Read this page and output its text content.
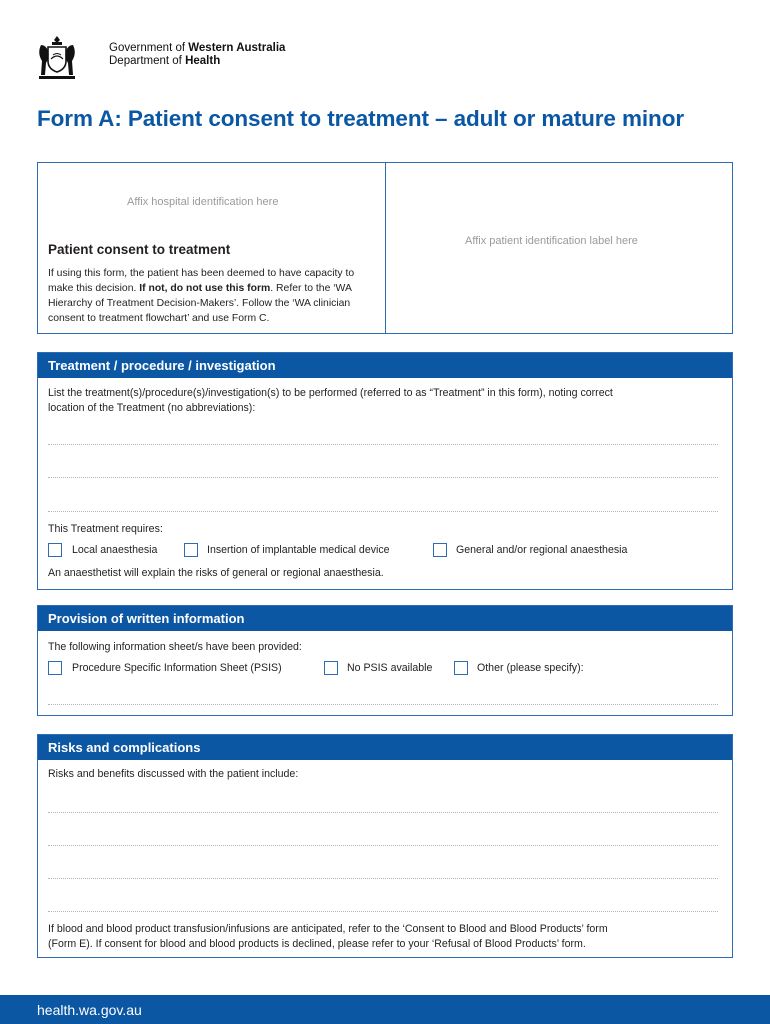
Government of Western Australia
Department of Health
Form A: Patient consent to treatment – adult or mature minor
Affix hospital identification here
Affix patient identification label here
Patient consent to treatment
If using this form, the patient has been deemed to have capacity to make this decision. If not, do not use this form. Refer to the ‘WA Hierarchy of Treatment Decision-Makers’. Follow the ‘WA clinician consent to treatment flowchart’ and use Form C.
Treatment / procedure / investigation
List the treatment(s)/procedure(s)/investigation(s) to be performed (referred to as “Treatment” in this form), noting correct
location of the Treatment (no abbreviations):
This Treatment requires:
Local anaesthesia	Insertion of implantable medical device	General and/or regional anaesthesia
An anaesthetist will explain the risks of general or regional anaesthesia.
Provision of written information
The following information sheet/s have been provided:
Procedure Specific Information Sheet (PSIS)	No PSIS available	Other (please specify):
Risks and complications
Risks and benefits discussed with the patient include:
If blood and blood product transfusion/infusions are anticipated, refer to the ‘Consent to Blood and Blood Products’ form
(Form E). If consent for blood and blood products is declined, please refer to your ‘Refusal of Blood Products’ form.
health.wa.gov.au
